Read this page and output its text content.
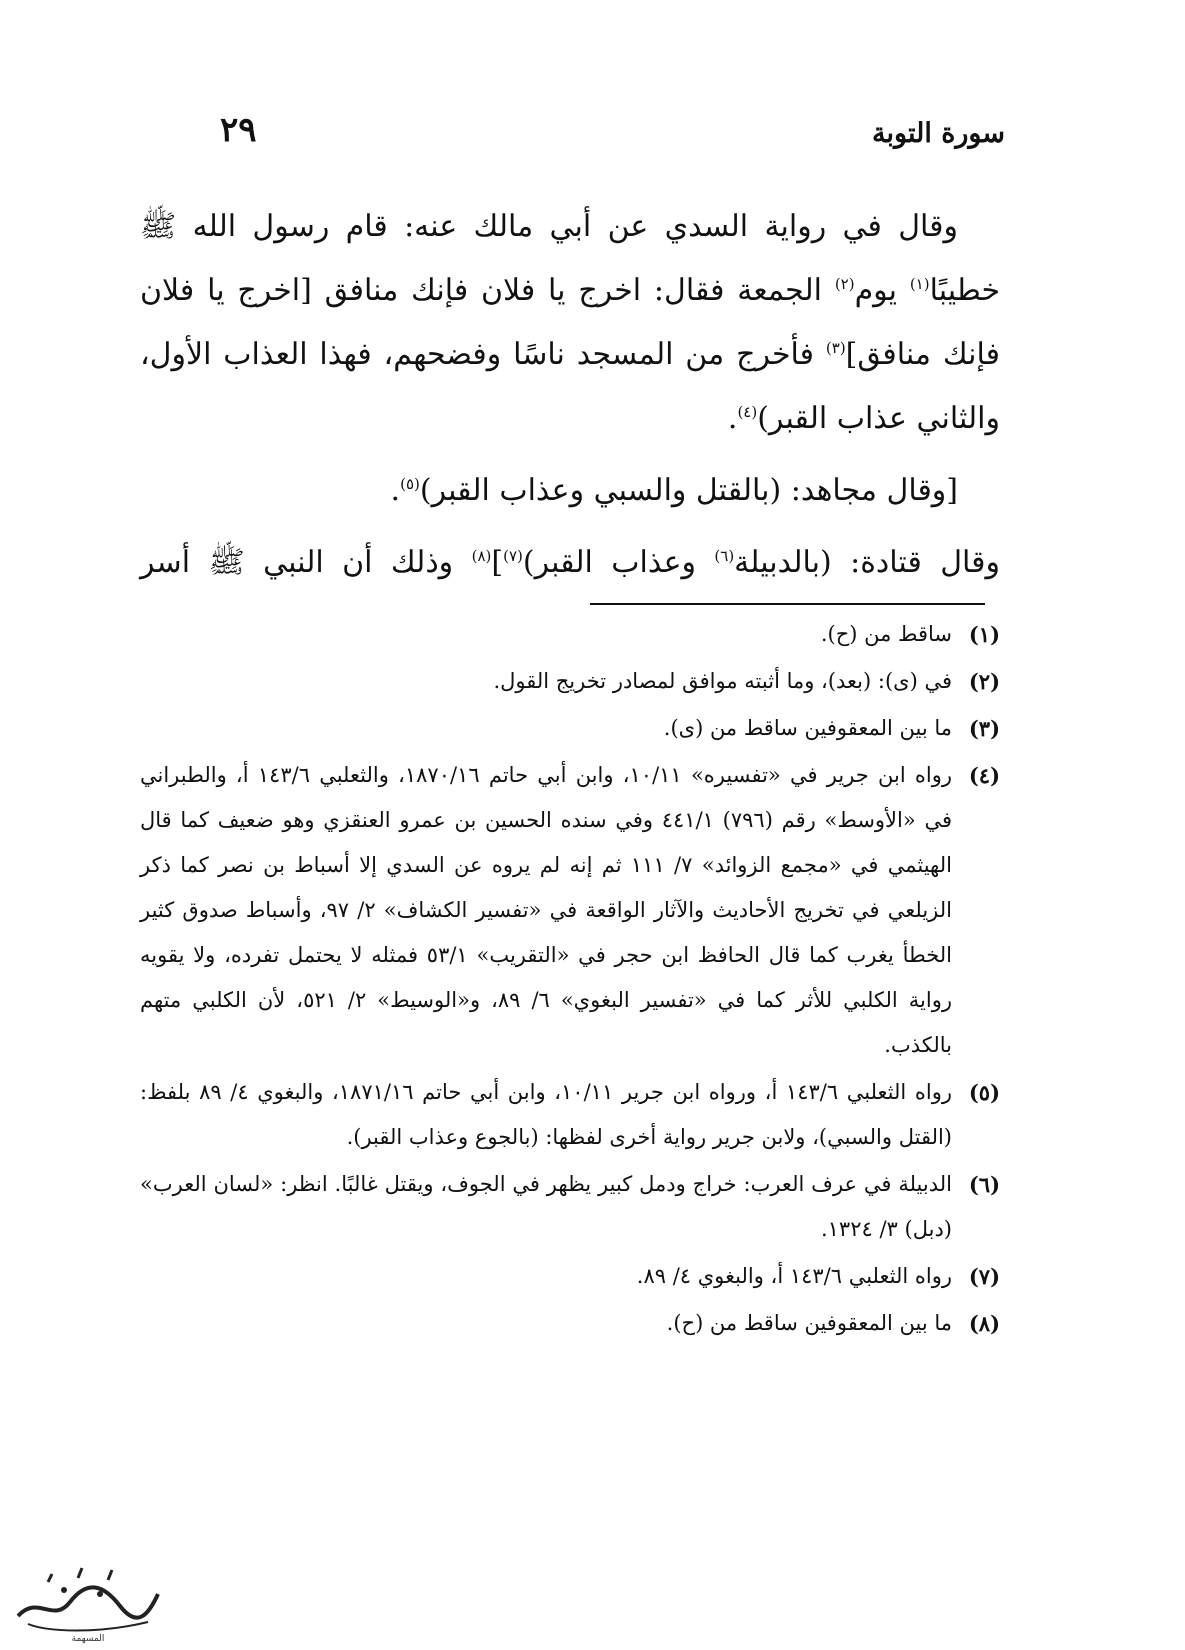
سورة التوبة
٢٩

وقال في رواية السدي عن أبي مالك عنه: قام رسول الله ﷺ خطيبًا$^{(١)}$ يوم$^{(٢)}$ الجمعة فقال: اخرج يا فلان فإنك منافق [اخرج يا فلان فإنك منافق]$^{(٣)}$ فأخرج من المسجد ناسًا وفضحهم، فهذا العذاب الأول، والثاني عذاب القبر)$^{(٤)}$.

[وقال مجاهد: (بالقتل والسبي وعذاب القبر)$^{(٥)}$.

وقال قتادة: (بالدبيلة$^{(٦)}$ وعذاب القبر)$^{(٧)}$]$^{(٨)}$ وذلك أن النبي ﷺ أسر

(١)
ساقط من (ح).
(٢)
في (ى): (بعد)، وما أثبته موافق لمصادر تخريج القول.
(٣)
ما بين المعقوفين ساقط من (ى).
(٤)
رواه ابن جرير في «تفسيره» ١٠/١١، وابن أبي حاتم ١٨٧٠/١٦، والثعلبي ١٤٣/٦ أ، والطبراني في «الأوسط» رقم (٧٩٦) ٤٤١/١ وفي سنده الحسين بن عمرو العنقزي وهو ضعيف كما قال الهيثمي في «مجمع الزوائد» ٧/ ١١١ ثم إنه لم يروه عن السدي إلا أسباط بن نصر كما ذكر الزيلعي في تخريج الأحاديث والآثار الواقعة في «تفسير الكشاف» ٢/ ٩٧، وأسباط صدوق كثير الخطأ يغرب كما قال الحافظ ابن حجر في «التقريب» ٥٣/١ فمثله لا يحتمل تفرده، ولا يقويه رواية الكلبي للأثر كما في «تفسير البغوي» ٦/ ٨٩، و«الوسيط» ٢/ ٥٢١، لأن الكلبي متهم بالكذب.
(٥)
رواه الثعلبي ١٤٣/٦ أ، ورواه ابن جرير ١٠/١١، وابن أبي حاتم ١٨٧١/١٦، والبغوي ٤/ ٨٩ بلفظ: (القتل والسبي)، ولابن جرير رواية أخرى لفظها: (بالجوع وعذاب القبر).
(٦)
الدبيلة في عرف العرب: خراج ودمل كبير يظهر في الجوف، ويقتل غالبًا. انظر: «لسان العرب» (دبل) ٣/ ١٣٢٤.
(٧)
رواه الثعلبي ١٤٣/٦ أ، والبغوي ٤/ ٨٩.
(٨)
ما بين المعقوفين ساقط من (ح).
المسهمة
